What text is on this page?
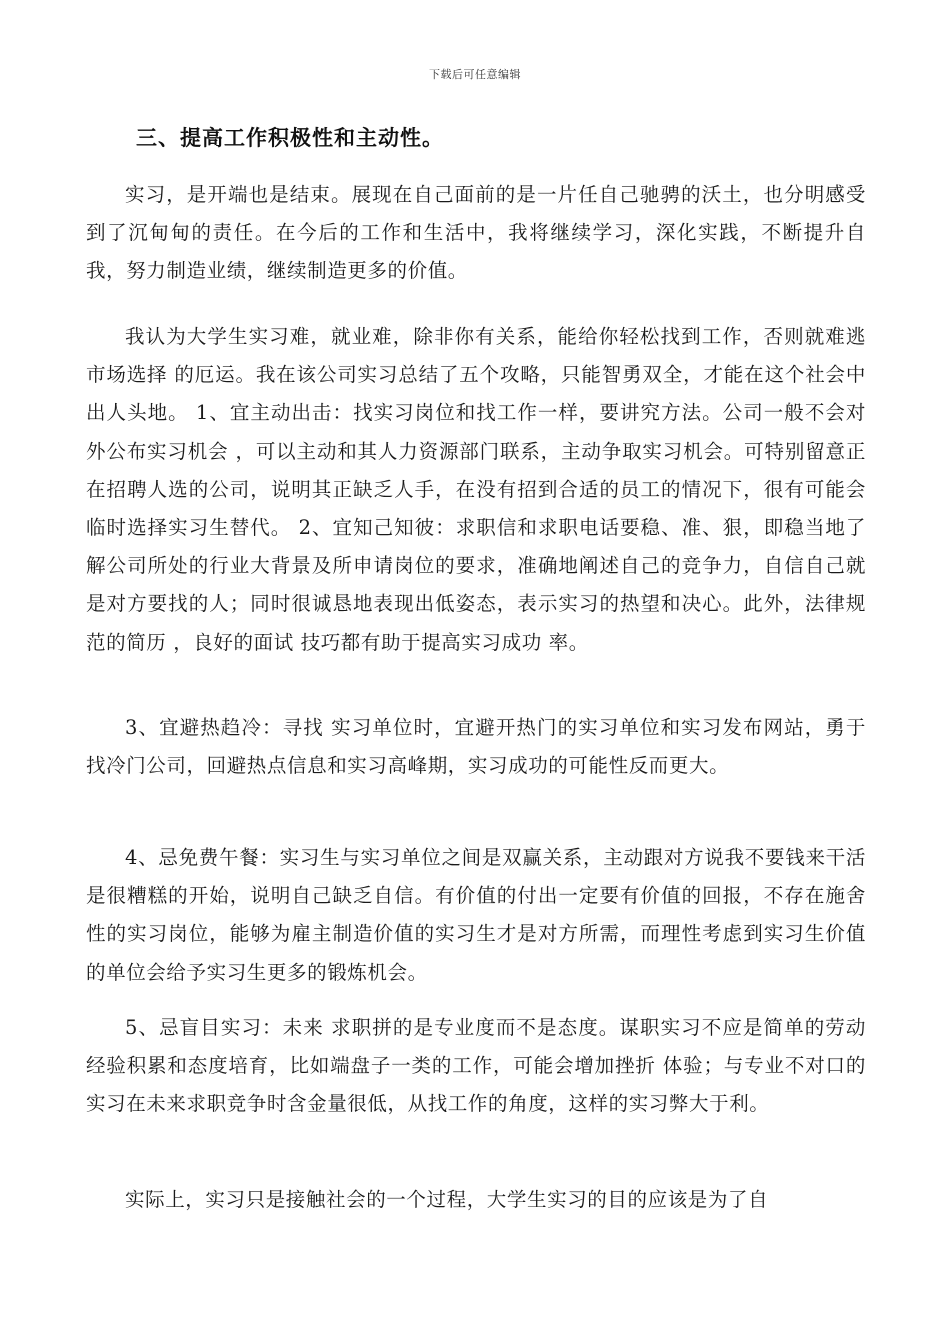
下载后可任意编辑
三、提高工作积极性和主动性。

实习，是开端也是结束。展现在自己面前的是一片任自己驰骋的沃土，也分明感受到了沉甸甸的责任。在今后的工作和生活中，我将继续学习，深化实践，不断提升自我，努力制造业绩，继续制造更多的价值。

我认为大学生实习难，就业难，除非你有关系，能给你轻松找到工作，否则就难逃市场选择 的厄运。我在该公司实习总结了五个攻略，只能智勇双全，才能在这个社会中出人头地。 1、宜主动出击：找实习岗位和找工作一样，要讲究方法。公司一般不会对外公布实习机会 ，可以主动和其人力资源部门联系，主动争取实习机会。可特别留意正在招聘人选的公司，说明其正缺乏人手，在没有招到合适的员工的情况下，很有可能会临时选择实习生替代。 2、宜知己知彼：求职信和求职电话要稳、准、狠，即稳当地了解公司所处的行业大背景及所申请岗位的要求，准确地阐述自己的竞争力，自信自己就是对方要找的人；同时很诚恳地表现出低姿态，表示实习的热望和决心。此外，法律规范的简历 ，良好的面试 技巧都有助于提高实习成功 率。

3、宜避热趋冷：寻找 实习单位时，宜避开热门的实习单位和实习发布网站，勇于找冷门公司，回避热点信息和实习高峰期，实习成功的可能性反而更大。

4、忌免费午餐：实习生与实习单位之间是双赢关系，主动跟对方说我不要钱来干活是很糟糕的开始，说明自己缺乏自信。有价值的付出一定要有价值的回报，不存在施舍性的实习岗位，能够为雇主制造价值的实习生才是对方所需，而理性考虑到实习生价值的单位会给予实习生更多的锻炼机会。

5、忌盲目实习：未来 求职拼的是专业度而不是态度。谋职实习不应是简单的劳动经验积累和态度培育，比如端盘子一类的工作，可能会增加挫折 体验；与专业不对口的实习在未来求职竞争时含金量很低，从找工作的角度，这样的实习弊大于利。

实际上，实习只是接触社会的一个过程，大学生实习的目的应该是为了自
